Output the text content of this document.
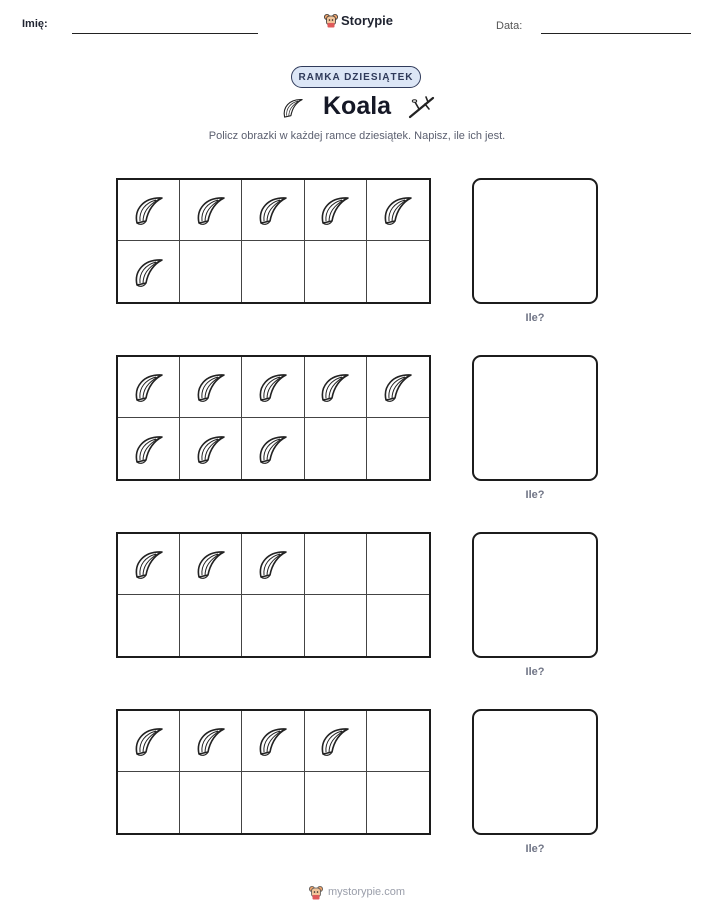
Imię:	Storypie	Data:
RAMKA DZIESIĄTEK
Koala
Policz obrazki w każdej ramce dziesiątek. Napisz, ile ich jest.
Ile?
Ile?
Ile?
Ile?
mystorypie.com
